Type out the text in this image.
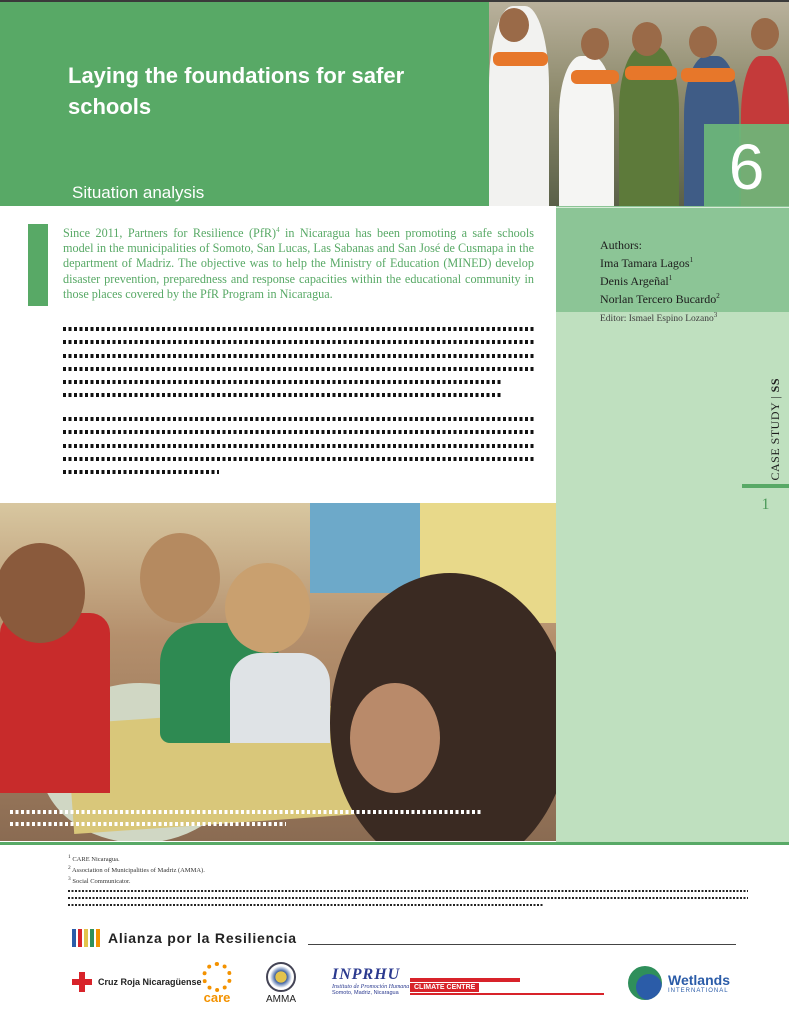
Laying the foundations for safer schools
Situation analysis	6
Authors:
Ima Tamara Lagos$^1$
Denis Argeñal$^1$
Norlan Tercero Bucardo$^2$
Editor: Ismael Espino Lozano$^3$
CASE STUDY | SS
1

Since 2011, Partners for Resilience (PfR)$^4$ in Nicaragua has been promoting a safe schools model in the municipalities of Somoto, San Lucas, Las Sabanas and San José de Cusmapa in the department of Madriz. The objective was to help the Ministry of Education (MINED) develop disaster prevention, preparedness and response capacities within the educational community in those places covered by the PfR Program in Nicaragua.

$^1$ CARE Nicaragua.
$^2$ Association of Municipalities of Madriz (AMMA).
$^3$ Social Communicator.
Alianza por la Resiliencia
Cruz Roja Nicaragüense
care	AMMA
INPRHU
Instituto de Promoción Humana
Somoto, Madriz, Nicaragua
CLIMATE CENTRE	Wetlands
INTERNATIONAL
